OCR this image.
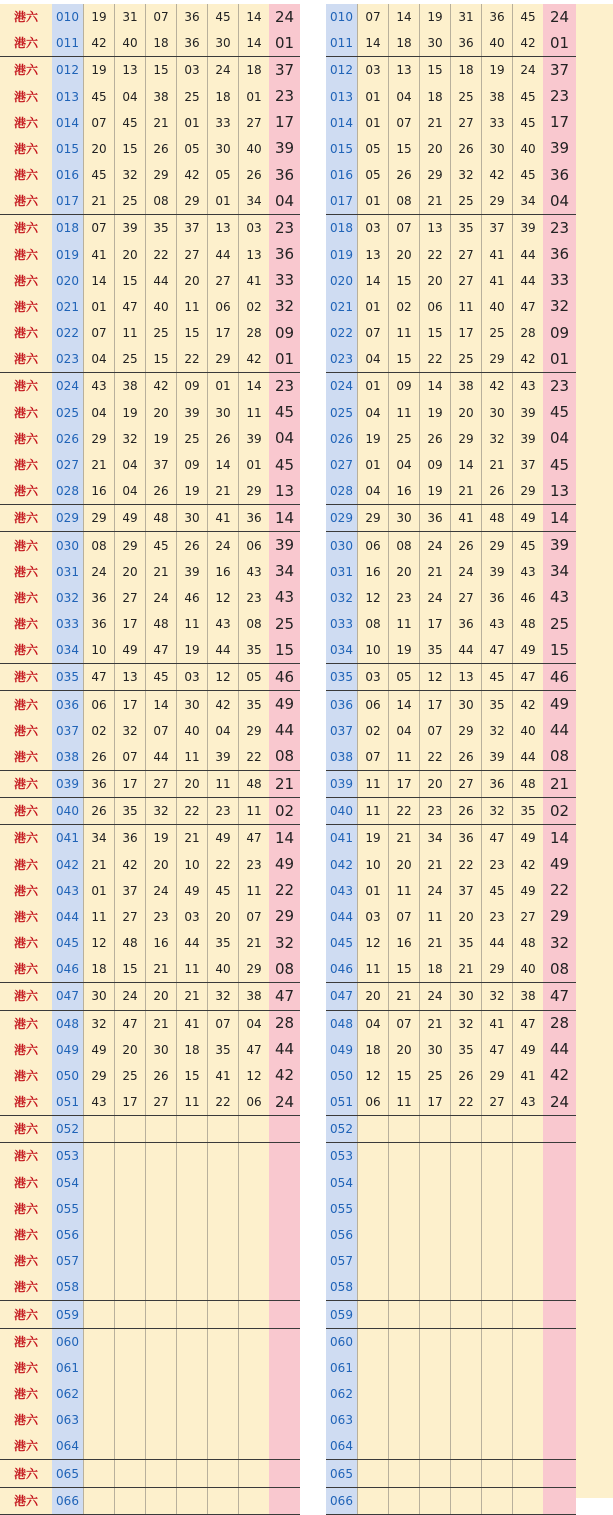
港六	010	19	31	07	36	45	14	24
港六	011	42	40	18	36	30	14	01
港六	012	19	13	15	03	24	18	37
港六	013	45	04	38	25	18	01	23
港六	014	07	45	21	01	33	27	17
港六	015	20	15	26	05	30	40	39
港六	016	45	32	29	42	05	26	36
港六	017	21	25	08	29	01	34	04
港六	018	07	39	35	37	13	03	23
港六	019	41	20	22	27	44	13	36
港六	020	14	15	44	20	27	41	33
港六	021	01	47	40	11	06	02	32
港六	022	07	11	25	15	17	28	09
港六	023	04	25	15	22	29	42	01
港六	024	43	38	42	09	01	14	23
港六	025	04	19	20	39	30	11	45
港六	026	29	32	19	25	26	39	04
港六	027	21	04	37	09	14	01	45
港六	028	16	04	26	19	21	29	13
港六	029	29	49	48	30	41	36	14
港六	030	08	29	45	26	24	06	39
港六	031	24	20	21	39	16	43	34
港六	032	36	27	24	46	12	23	43
港六	033	36	17	48	11	43	08	25
港六	034	10	49	47	19	44	35	15
港六	035	47	13	45	03	12	05	46
港六	036	06	17	14	30	42	35	49
港六	037	02	32	07	40	04	29	44
港六	038	26	07	44	11	39	22	08
港六	039	36	17	27	20	11	48	21
港六	040	26	35	32	22	23	11	02
港六	041	34	36	19	21	49	47	14
港六	042	21	42	20	10	22	23	49
港六	043	01	37	24	49	45	11	22
港六	044	11	27	23	03	20	07	29
港六	045	12	48	16	44	35	21	32
港六	046	18	15	21	11	40	29	08
港六	047	30	24	20	21	32	38	47
港六	048	32	47	21	41	07	04	28
港六	049	49	20	30	18	35	47	44
港六	050	29	25	26	15	41	12	42
港六	051	43	17	27	11	22	06	24
港六	052							
港六	053							
港六	054							
港六	055							
港六	056							
港六	057							
港六	058							
港六	059							
港六	060							
港六	061							
港六	062							
港六	063							
港六	064							
港六	065							
港六	066							
010	07	14	19	31	36	45	24
011	14	18	30	36	40	42	01
012	03	13	15	18	19	24	37
013	01	04	18	25	38	45	23
014	01	07	21	27	33	45	17
015	05	15	20	26	30	40	39
016	05	26	29	32	42	45	36
017	01	08	21	25	29	34	04
018	03	07	13	35	37	39	23
019	13	20	22	27	41	44	36
020	14	15	20	27	41	44	33
021	01	02	06	11	40	47	32
022	07	11	15	17	25	28	09
023	04	15	22	25	29	42	01
024	01	09	14	38	42	43	23
025	04	11	19	20	30	39	45
026	19	25	26	29	32	39	04
027	01	04	09	14	21	37	45
028	04	16	19	21	26	29	13
029	29	30	36	41	48	49	14
030	06	08	24	26	29	45	39
031	16	20	21	24	39	43	34
032	12	23	24	27	36	46	43
033	08	11	17	36	43	48	25
034	10	19	35	44	47	49	15
035	03	05	12	13	45	47	46
036	06	14	17	30	35	42	49
037	02	04	07	29	32	40	44
038	07	11	22	26	39	44	08
039	11	17	20	27	36	48	21
040	11	22	23	26	32	35	02
041	19	21	34	36	47	49	14
042	10	20	21	22	23	42	49
043	01	11	24	37	45	49	22
044	03	07	11	20	23	27	29
045	12	16	21	35	44	48	32
046	11	15	18	21	29	40	08
047	20	21	24	30	32	38	47
048	04	07	21	32	41	47	28
049	18	20	30	35	47	49	44
050	12	15	25	26	29	41	42
051	06	11	17	22	27	43	24
052							
053							
054							
055							
056							
057							
058							
059							
060							
061							
062							
063							
064							
065							
066							
